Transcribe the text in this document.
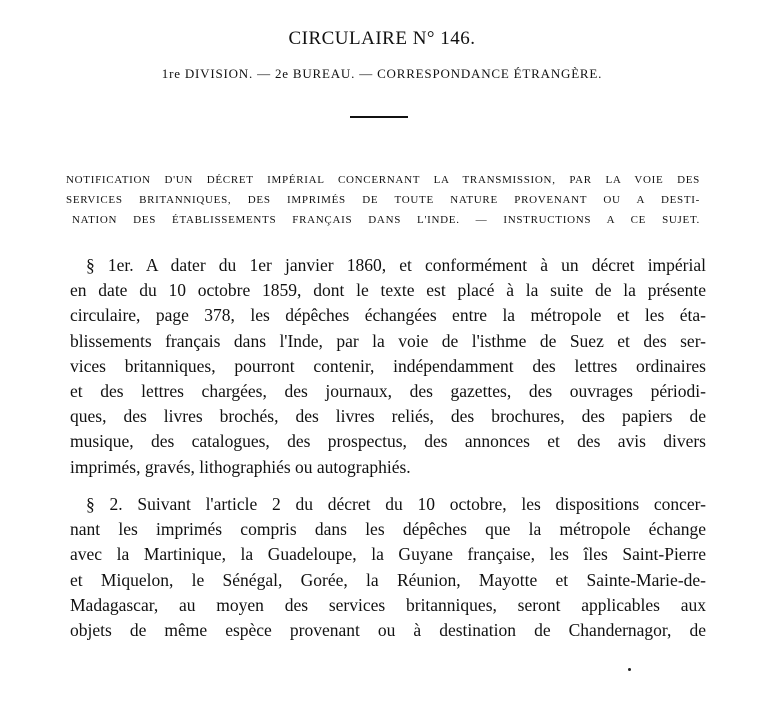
CIRCULAIRE N° 146.
1re DIVISION. — 2e BUREAU. — CORRESPONDANCE ÉTRANGÈRE.
NOTIFICATION D'UN DÉCRET IMPÉRIAL CONCERNANT LA TRANSMISSION, PAR LA VOIE DES
SERVICES BRITANNIQUES, DES IMPRIMÉS DE TOUTE NATURE PROVENANT OU A DESTI-
NATION DES ÉTABLISSEMENTS FRANÇAIS DANS L'INDE. — INSTRUCTIONS A CE SUJET.
§ 1er. A dater du 1er janvier 1860, et conformément à un décret impérial
en date du 10 octobre 1859, dont le texte est placé à la suite de la présente
circulaire, page 378, les dépêches échangées entre la métropole et les éta-
blissements français dans l'Inde, par la voie de l'isthme de Suez et des ser-
vices britanniques, pourront contenir, indépendamment des lettres ordinaires
et des lettres chargées, des journaux, des gazettes, des ouvrages périodi-
ques, des livres brochés, des livres reliés, des brochures, des papiers de
musique, des catalogues, des prospectus, des annonces et des avis divers
imprimés, gravés, lithographiés ou autographiés.
§ 2. Suivant l'article 2 du décret du 10 octobre, les dispositions concer-
nant les imprimés compris dans les dépêches que la métropole échange
avec la Martinique, la Guadeloupe, la Guyane française, les îles Saint-Pierre
et Miquelon, le Sénégal, Gorée, la Réunion, Mayotte et Sainte-Marie-de-
Madagascar, au moyen des services britanniques, seront applicables aux
objets de même espèce provenant ou à destination de Chandernagor, de
